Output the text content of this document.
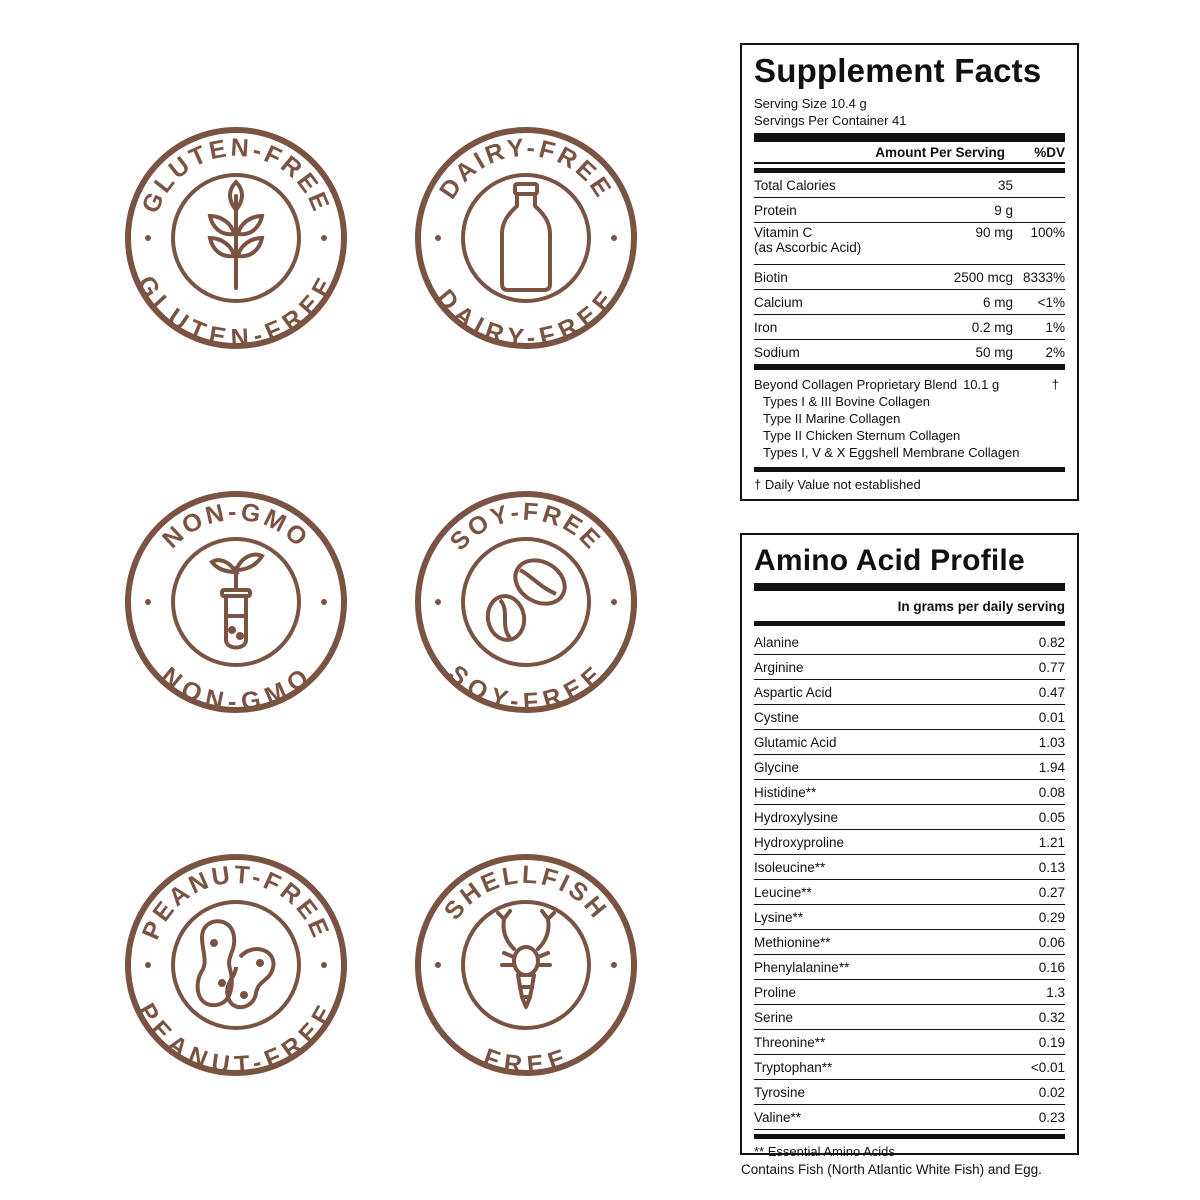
GLUTEN-FREE
GLUTEN-FREE
DAIRY-FREE
DAIRY-FREE
NON-GMO
NON-GMO
SOY-FREE
SOY-FREE
PEANUT-FREE
PEANUT-FREE
SHELLFISH
FREE
Supplement Facts
Serving Size 10.4 g
Servings Per Container 41
Amount Per Serving	%DV
Total Calories	35
Protein	9 g
Vitamin C
(as Ascorbic Acid)
90 mg	100%
Biotin	2500 mcg 8333%
Calcium	6 mg	<1%
Iron	0.2 mg	1%
Sodium	50 mg	2%
Beyond Collagen Proprietary Blend 10.1 g	†
Types I & III Bovine Collagen
Type II Marine Collagen
Type II Chicken Sternum Collagen
Types I, V & X Eggshell Membrane Collagen
† Daily Value not established
Amino Acid Profile
In grams per daily serving
Alanine	0.82
Arginine	0.77
Aspartic Acid	0.47
Cystine	0.01
Glutamic Acid	1.03
Glycine	1.94
Histidine**	0.08
Hydroxylysine	0.05
Hydroxyproline	1.21
Isoleucine**	0.13
Leucine**	0.27
Lysine**	0.29
Methionine**	0.06
Phenylalanine**	0.16
Proline	1.3
Serine	0.32
Threonine**	0.19
Tryptophan**	<0.01
Tyrosine	0.02
Valine**	0.23
** Essential Amino Acids
Contains Fish (North Atlantic White Fish) and Egg.
